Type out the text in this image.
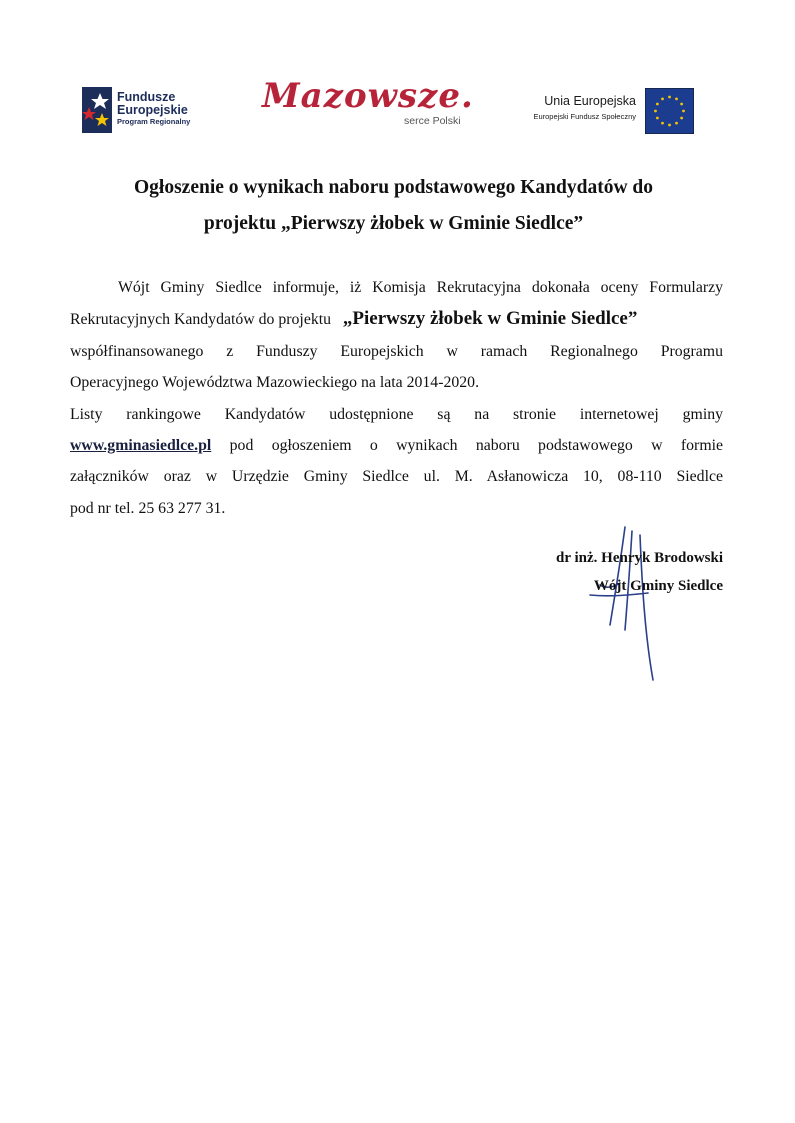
Fundusze
Europejskie
Program Regionalny
Mazowsze.
serce Polski
Unia Europejska
Europejski Fundusz Społeczny
Ogłoszenie o wynikach naboru podstawowego Kandydatów do
projektu „Pierwszy żłobek w Gminie Siedlce”
Wójt Gminy Siedlce informuje, iż Komisja Rekrutacyjna dokonała oceny Formularzy
Rekrutacyjnych Kandydatów do projektu „Pierwszy żłobek w Gminie Siedlce”
współfinansowanego z Funduszy Europejskich w ramach Regionalnego Programu
Operacyjnego Województwa Mazowieckiego na lata 2014-2020.
Listy rankingowe Kandydatów udostępnione są na stronie internetowej gminy
www.gminasiedlce.pl pod ogłoszeniem o wynikach naboru podstawowego w formie
załączników oraz w Urzędzie Gminy Siedlce ul. M. Asłanowicza 10, 08-110 Siedlce
pod nr tel. 25 63 277 31.
dr inż. Henryk Brodowski
Wójt Gminy Siedlce
